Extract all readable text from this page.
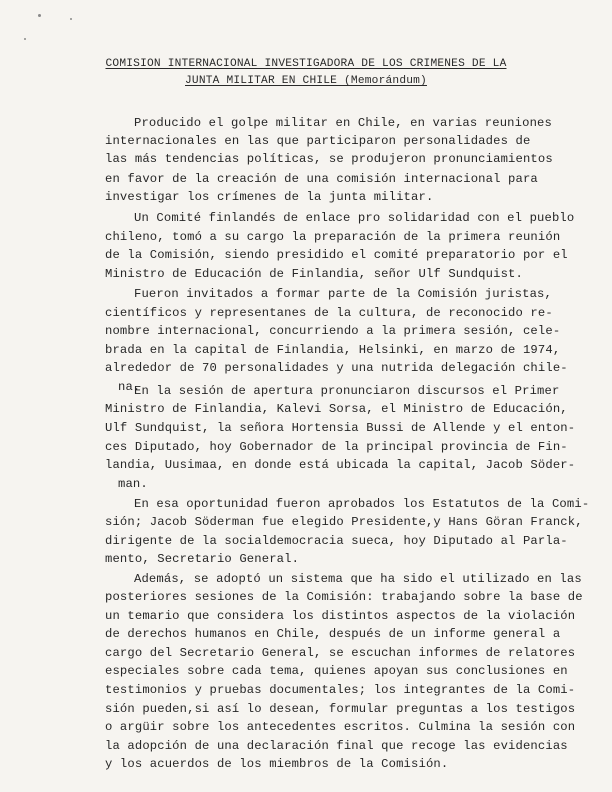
COMISION INTERNACIONAL INVESTIGADORA DE LOS CRIMENES DE LA
JUNTA MILITAR EN CHILE (Memorándum)
Producido el golpe militar en Chile, en varias reuniones
internacionales en las que participaron personalidades de
las más tendencias políticas, se produjeron pronunciamientos
en favor de la creación de una comisión internacional para
investigar los crímenes de la junta militar.
Un Comité finlandés de enlace pro solidaridad con el pueblo
chileno, tomó a su cargo la preparación de la primera reunión
de la Comisión, siendo presidido el comité preparatorio por el
Ministro de Educación de Finlandia, señor Ulf Sundquist.
Fueron invitados a formar parte de la Comisión juristas,
científicos y representanes de la cultura, de reconocido re-
nombre internacional, concurriendo a la primera sesión, cele-
brada en la capital de Finlandia, Helsinki, en marzo de 1974,
alrededor de 70 personalidades y una nutrida delegación chile-
na.
En la sesión de apertura pronunciaron discursos el Primer
Ministro de Finlandia, Kalevi Sorsa, el Ministro de Educación,
Ulf Sundquist, la señora Hortensia Bussi de Allende y el enton-
ces Diputado, hoy Gobernador de la principal provincia de Fin-
landia, Uusimaa, en donde está ubicada la capital, Jacob Söder-
man.
En esa oportunidad fueron aprobados los Estatutos de la Comi-
sión; Jacob Söderman fue elegido Presidente,y Hans Göran Franck,
dirigente de la socialdemocracia sueca, hoy Diputado al Parla-
mento, Secretario General.
Además, se adoptó un sistema que ha sido el utilizado en las
posteriores sesiones de la Comisión: trabajando sobre la base de
un temario que considera los distintos aspectos de la violación
de derechos humanos en Chile, después de un informe general a
cargo del Secretario General, se escuchan informes de relatores
especiales sobre cada tema, quienes apoyan sus conclusiones en
testimonios y pruebas documentales; los integrantes de la Comi-
sión pueden,si así lo desean, formular preguntas a los testigos
o argüir sobre los antecedentes escritos. Culmina la sesión con
la adopción de una declaración final que recoge las evidencias
y los acuerdos de los miembros de la Comisión.
